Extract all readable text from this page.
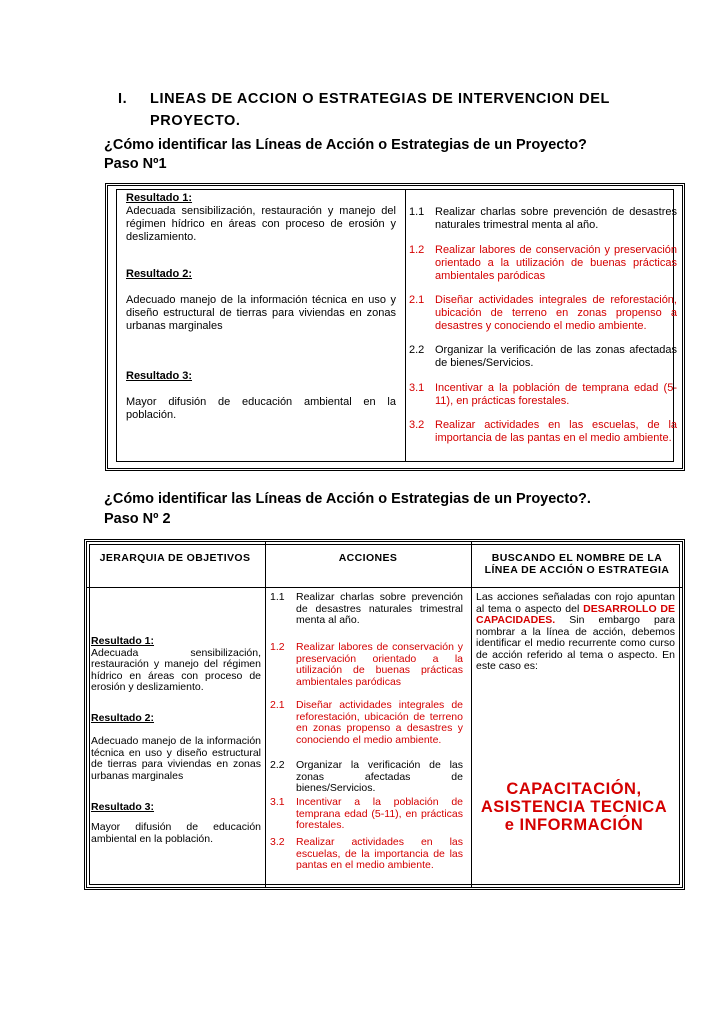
I. LINEAS DE ACCION O ESTRATEGIAS DE INTERVENCION DEL PROYECTO.
¿Cómo identificar las Líneas de Acción o Estrategias de un Proyecto?
Paso Nº1
Resultado 1:
Adecuada sensibilización, restauración y manejo del régimen hídrico en áreas con proceso de erosión y deslizamiento.
Resultado 2:
Adecuado manejo de la información técnica en uso y diseño estructural de tierras para viviendas en zonas urbanas marginales
Resultado 3:
Mayor difusión de educación ambiental en la población.
1.1 Realizar charlas sobre prevención de desastres naturales trimestral menta al año.
1.2 Realizar labores de conservación y preservación orientado a la utilización de buenas prácticas ambientales paródicas
2.1 Diseñar actividades integrales de reforestación, ubicación de terreno en zonas propenso a desastres y conociendo el medio ambiente.
2.2 Organizar la verificación de las zonas afectadas de bienes/Servicios.
3.1 Incentivar a la población de temprana edad (5-11), en prácticas forestales.
3.2 Realizar actividades en las escuelas, de la importancia de las pantas en el medio ambiente.
¿Cómo identificar las Líneas de Acción o Estrategias de un Proyecto?.
Paso Nº 2
JERARQUIA DE OBJETIVOS	ACCIONES	BUSCANDO EL NOMBRE DE LA LÍNEA DE ACCIÓN O ESTRATEGIA
Resultado 1:
Adecuada sensibilización, restauración y manejo del régimen hídrico en áreas con proceso de erosión y deslizamiento.
Resultado 2:
Adecuado manejo de la información técnica en uso y diseño estructural de tierras para viviendas en zonas urbanas marginales
Resultado 3:
Mayor difusión de educación ambiental en la población.
1.1 Realizar charlas sobre prevención de desastres naturales trimestral menta al año.
1.2 Realizar labores de conservación y preservación orientado a la utilización de buenas prácticas ambientales paródicas
2.1 Diseñar actividades integrales de reforestación, ubicación de terreno en zonas propenso a desastres y conociendo el medio ambiente.
2.2 Organizar la verificación de las zonas afectadas de bienes/Servicios.
3.1 Incentivar a la población de temprana edad (5-11), en prácticas forestales.
3.2 Realizar actividades en las escuelas, de la importancia de las pantas en el medio ambiente.
Las acciones señaladas con rojo apuntan al tema o aspecto del DESARROLLO DE CAPACIDADES. Sin embargo para nombrar a la línea de acción, debemos identificar el medio recurrente como curso de acción referido al tema o aspecto. En este caso es:
CAPACITACIÓN, ASISTENCIA TECNICA e INFORMACIÓN
